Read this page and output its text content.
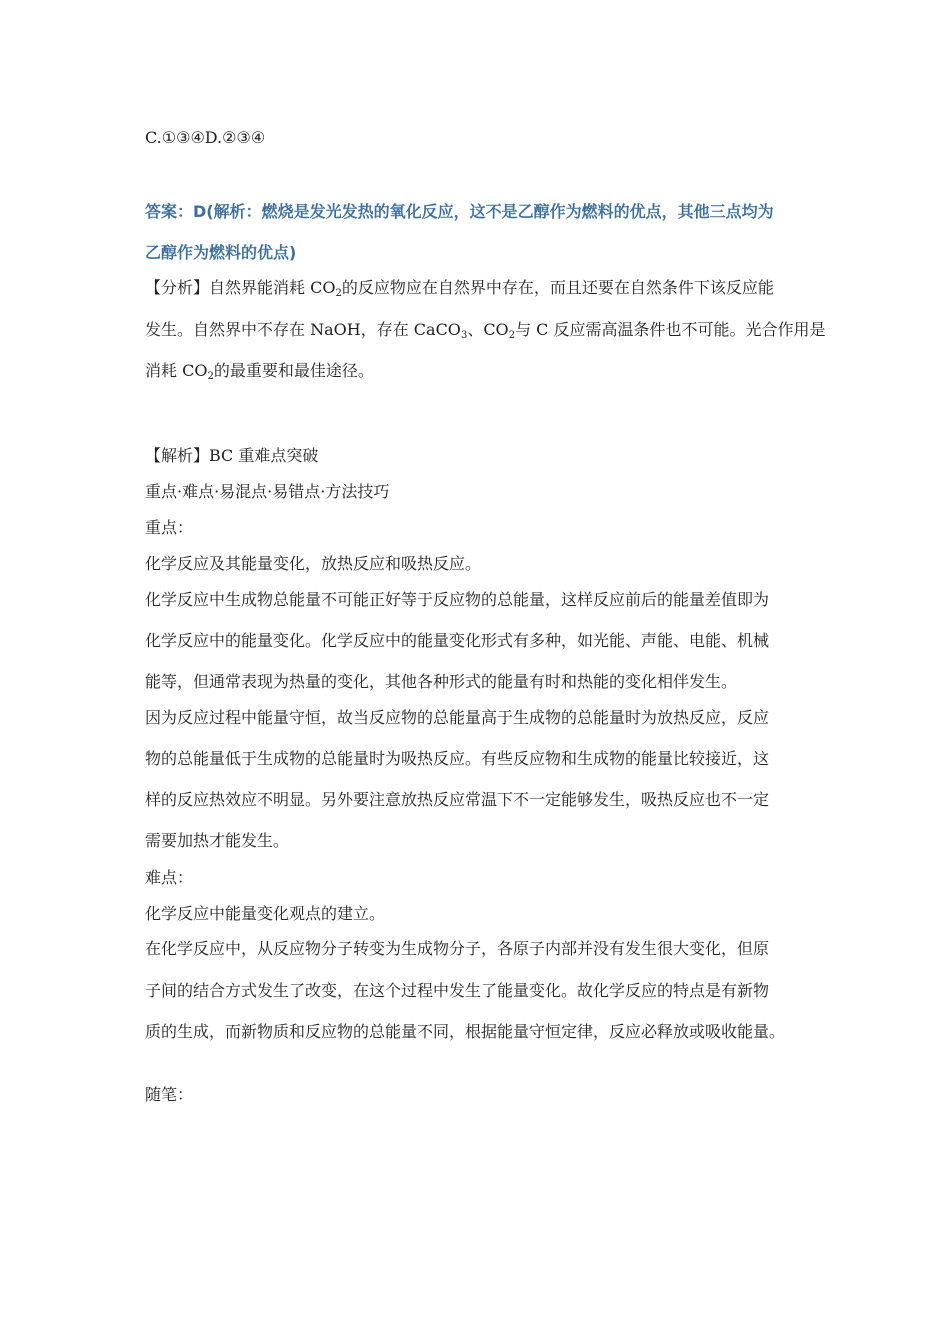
C.①③④D.②③④
答案：D(解析：燃烧是发光发热的氧化反应，这不是乙醇作为燃料的优点，其他三点均为
乙醇作为燃料的优点)
【分析】自然界能消耗 $CO_2$的反应物应在自然界中存在，而且还要在自然条件下该反应能
发生。自然界中不存在 NaOH，存在 CaCO$_3$、$CO_2$与 C 反应需高温条件也不可能。光合作用是
消耗 $CO_2$的最重要和最佳途径。
【解析】BC 重难点突破
重点·难点·易混点·易错点·方法技巧
重点：
化学反应及其能量变化，放热反应和吸热反应。
化学反应中生成物总能量不可能正好等于反应物的总能量，这样反应前后的能量差值即为
化学反应中的能量变化。化学反应中的能量变化形式有多种，如光能、声能、电能、机械
能等，但通常表现为热量的变化，其他各种形式的能量有时和热能的变化相伴发生。
因为反应过程中能量守恒，故当反应物的总能量高于生成物的总能量时为放热反应，反应
物的总能量低于生成物的总能量时为吸热反应。有些反应物和生成物的能量比较接近，这
样的反应热效应不明显。另外要注意放热反应常温下不一定能够发生，吸热反应也不一定
需要加热才能发生。
难点：
化学反应中能量变化观点的建立。
在化学反应中，从反应物分子转变为生成物分子，各原子内部并没有发生很大变化，但原
子间的结合方式发生了改变，在这个过程中发生了能量变化。故化学反应的特点是有新物
质的生成，而新物质和反应物的总能量不同，根据能量守恒定律，反应必释放或吸收能量。
随笔：
